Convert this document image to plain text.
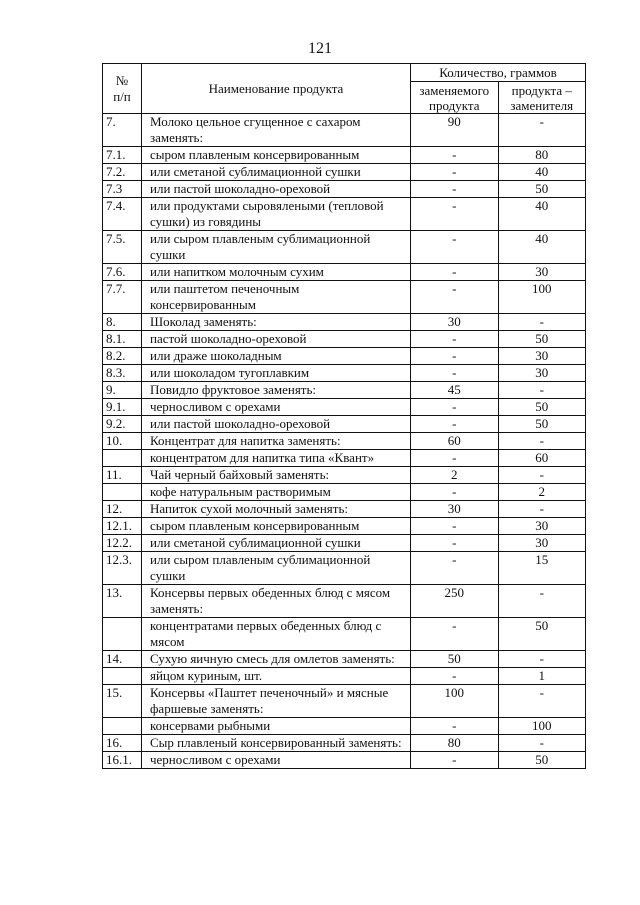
121
№
п/п	Наименование продукта	Количество, граммов	
		заменяемого продукта	продукта – заменителя
7.	Молоко цельное сгущенное с сахаром заменять:	90	-
7.1.	сыром плавленым консервированным	-	80
7.2.	или сметаной сублимационной сушки	-	40
7.3	или пастой шоколадно-ореховой	-	50
7.4.	или продуктами сыровялеными (тепловой сушки) из говядины	-	40
7.5.	или сыром плавленым сублимационной сушки	-	40
7.6.	или напитком молочным сухим	-	30
7.7.	или паштетом печеночным консервированным	-	100
8.	Шоколад заменять:	30	-
8.1.	пастой шоколадно-ореховой	-	50
8.2.	или драже шоколадным	-	30
8.3.	или шоколадом тугоплавким	-	30
9.	Повидло фруктовое заменять:	45	-
9.1.	черносливом с орехами	-	50
9.2.	или пастой шоколадно-ореховой	-	50
10.	Концентрат для напитка заменять:	60	-
	концентратом для напитка типа «Квант»	-	60
11.	Чай черный байховый заменять:	2	-
	кофе натуральным растворимым	-	2
12.	Напиток сухой молочный заменять:	30	-
12.1.	сыром плавленым консервированным	-	30
12.2.	или сметаной сублимационной сушки	-	30
12.3.	или сыром плавленым сублимационной сушки	-	15
13.	Консервы первых обеденных блюд с мясом заменять:	250	-
	концентратами первых обеденных блюд с мясом	-	50
14.	Сухую яичную смесь для омлетов заменять:	50	-
	яйцом куриным, шт.	-	1
15.	Консервы «Паштет печеночный» и мясные фаршевые заменять:	100	-
	консервами рыбными	-	100
16.	Сыр плавленый консервированный заменять:	80	-
16.1.	черносливом с орехами	-	50
